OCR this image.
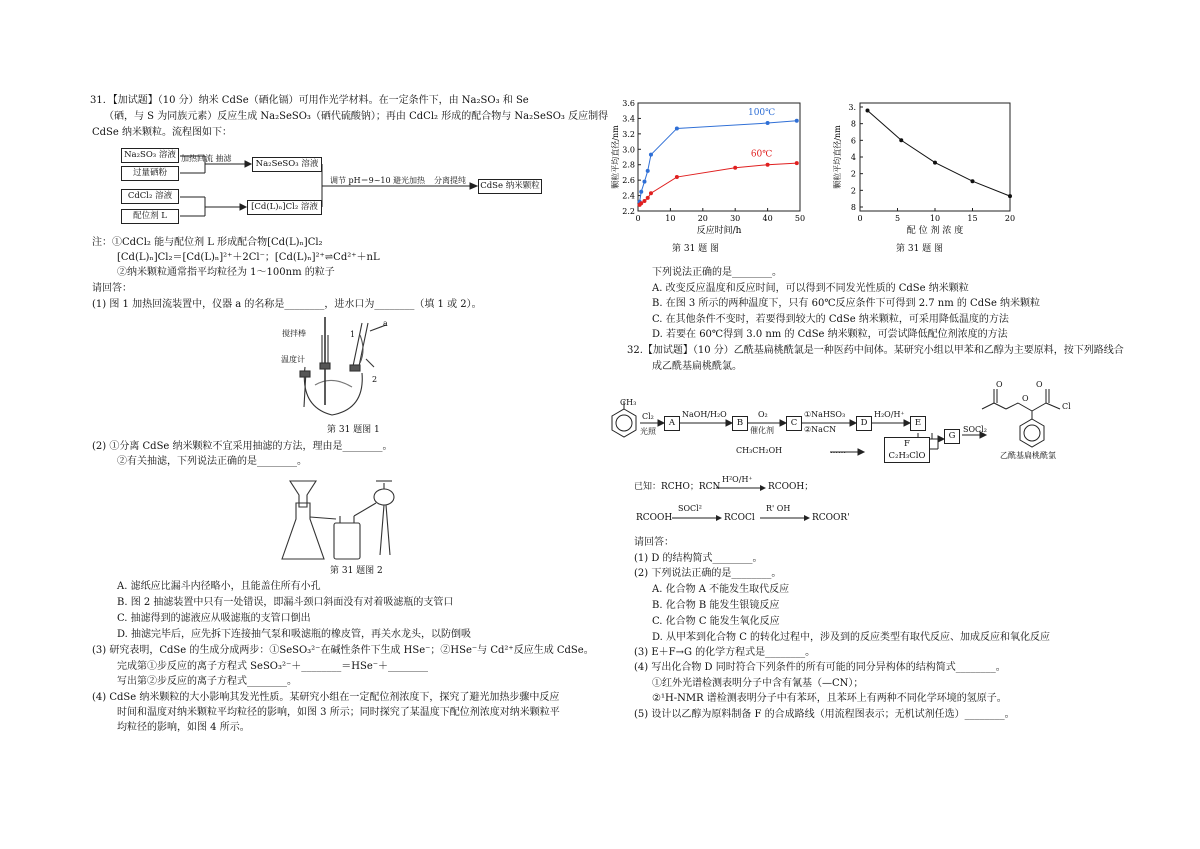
31．【加试题】（10 分）纳米 CdSe（硒化镉）可用作光学材料。在一定条件下，由 Na₂SO₃ 和 Se
（硒，与 S 为同族元素）反应生成 Na₂SeSO₃（硒代硫酸钠）；再由 CdCl₂ 形成的配合物与 Na₂SeSO₃ 反应制得
CdSe 纳米颗粒。流程图如下：
Na₂SO₃ 溶液
过量硒粉
加热回流 抽滤
Na₂SeSO₃ 溶液
CdCl₂ 溶液
配位剂 L
[Cd(L)ₙ]Cl₂ 溶液
调节 pH＝9~10 避光加热 分离提纯
CdSe 纳米颗粒
注：①CdCl₂ 能与配位剂 L 形成配合物[Cd(L)ₙ]Cl₂
[Cd(L)ₙ]Cl₂＝[Cd(L)ₙ]²⁺＋2Cl⁻；[Cd(L)ₙ]²⁺⇌Cd²⁺＋nL
②纳米颗粒通常指平均粒径为 1～100nm 的粒子
请回答：
(1) 图 1 加热回流装置中，仪器 a 的名称是________，进水口为________（填 1 或 2）。
搅拌棒
温度计
a
1
2
第 31 题图 1
(2) ①分离 CdSe 纳米颗粒不宜采用抽滤的方法，理由是________。
②有关抽滤，下列说法正确的是________。
第 31 题图 2
A. 滤纸应比漏斗内径略小，且能盖住所有小孔
B. 图 2 抽滤装置中只有一处错误，即漏斗颈口斜面没有对着吸滤瓶的支管口
C. 抽滤得到的滤液应从吸滤瓶的支管口倒出
D. 抽滤完毕后，应先拆下连接抽气泵和吸滤瓶的橡皮管，再关水龙头，以防倒吸
(3) 研究表明，CdSe 的生成分成两步：①SeSO₃²⁻在碱性条件下生成 HSe⁻；②HSe⁻与 Cd²⁺反应生成 CdSe。
完成第①步反应的离子方程式 SeSO₃²⁻＋________＝HSe⁻＋________
写出第②步反应的离子方程式________。
(4) CdSe 纳米颗粒的大小影响其发光性质。某研究小组在一定配位剂浓度下，探究了避光加热步骤中反应
时间和温度对纳米颗粒平均粒径的影响，如图 3 所示；同时探究了某温度下配位剂浓度对纳米颗粒平
均粒径的影响，如图 4 所示。
0	10	20	30	40	50
2.2
2.4
2.6
2.8
3.0
3.2
3.4
3.6
反应时间/h
颗粒平均直径/nm
100℃
60℃
第 31 题 图
0	5	10	15	20
3.
8
6
4
2
2
8
配 位 剂 浓 度
颗粒平均直径/nm
第 31 题 图
下列说法正确的是________。
A. 改变反应温度和反应时间，可以得到不同发光性质的 CdSe 纳米颗粒
B. 在图 3 所示的两种温度下，只有 60℃反应条件下可得到 2.7 nm 的 CdSe 纳米颗粒
C. 在其他条件不变时，若要得到较大的 CdSe 纳米颗粒，可采用降低温度的方法
D. 若要在 60℃得到 3.0 nm 的 CdSe 纳米颗粒，可尝试降低配位剂浓度的方法
32.【加试题】（10 分）乙酰基扁桃酰氯是一种医药中间体。某研究小组以甲苯和乙醇为主要原料，按下列路线合
成乙酰基扁桃酰氯。
CH₃
Cl₂
光照
A
NaOH/H₂O
B
O₂
催化剂
C
①NaHSO₃
②NaCN
D
H₂O/H⁺
E
G
SOCl₂
CH₃CH₂OH	……
F
C₂H₃ClO
O
O
O
Cl
乙酰基扁桃酰氯
已知：RCHO；RCN
H²O/H⁺
RCOOH；
RCOOH
SOCl²
RCOCl
R' OH
RCOOR'
请回答：
(1) D 的结构简式________。
(2) 下列说法正确的是________。
A. 化合物 A 不能发生取代反应
B. 化合物 B 能发生银镜反应
C. 化合物 C 能发生氧化反应
D. 从甲苯到化合物 C 的转化过程中，涉及到的反应类型有取代反应、加成反应和氧化反应
(3) E＋F→G 的化学方程式是________。
(4) 写出化合物 D 同时符合下列条件的所有可能的同分异构体的结构简式________。
①红外光谱检测表明分子中含有氰基（—CN）；
②¹H-NMR 谱检测表明分子中有苯环，且苯环上有两种不同化学环境的氢原子。
(5) 设计以乙醇为原料制备 F 的合成路线（用流程图表示；无机试剂任选）________。
